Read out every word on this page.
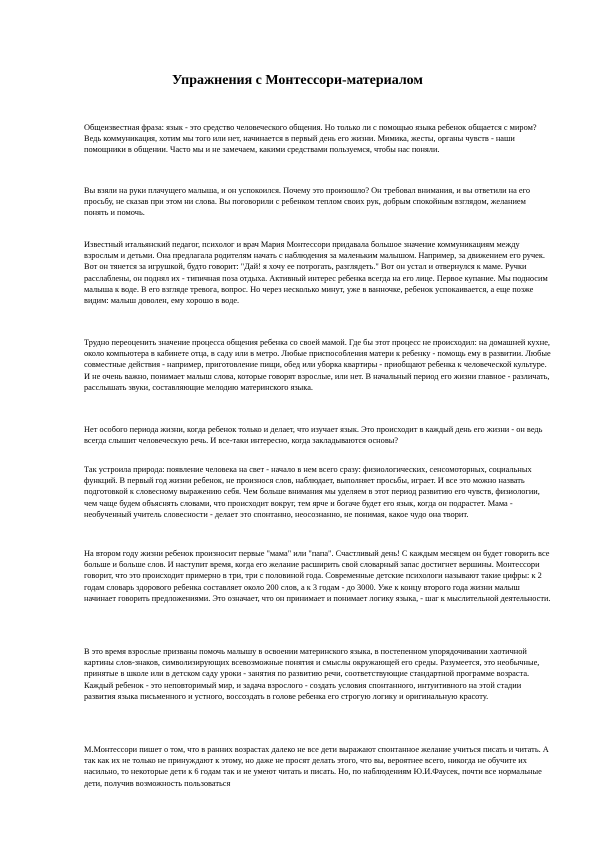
Упражнения с Монтессори-материалом

Общеизвестная фраза: язык - это средство человеческого общения. Но только ли с помощью языка ребенок общается с миром? Ведь коммуникация, хотим мы того или нет, начинается в первый день его жизни. Мимика, жесты, органы чувств - наши помощники в общении. Часто мы и не замечаем, какими средствами пользуемся, чтобы нас поняли.

Вы взяли на руки плачущего малыша, и он успокоился. Почему это произошло? Он требовал внимания, и вы ответили на его просьбу, не сказав при этом ни слова. Вы поговорили с ребенком теплом своих рук, добрым спокойным взглядом, желанием понять и помочь.

Известный итальянский педагог, психолог и врач Мария Монтессори придавала большое значение коммуникациям между взрослым и детьми. Она предлагала родителям начать с наблюдения за маленьким малышом. Например, за движением его ручек. Вот он тянется за игрушкой, будто говорит: "Дай! я хочу ее потрогать, разглядеть." Вот он устал и отвернулся к маме. Ручки расслаблены, он поднял их - типичная поза отдыха. Активный интерес ребенка всегда на его лице. Первое купание. Мы подносим малыша к воде. В его взгляде тревога, вопрос. Но через несколько минут, уже в ванночке, ребенок успокаивается, а еще позже видим: малыш доволен, ему хорошо в воде.

Трудно переоценить значение процесса общения ребенка со своей мамой. Где бы этот процесс не происходил: на домашней кухне, около компьютера в кабинете отца, в саду или в метро. Любые приспособления матери к ребенку - помощь ему в развитии. Любые совместные действия - например, приготовление пищи, обед или уборка квартиры - приобщают ребенка к человеческой культуре. И не очень важно, понимает малыш слова, которые говорят взрослые, или нет. В начальный период его жизни главное - различать, расслышать звуки, составляющие мелодию материнского языка.

Нет особого периода жизни, когда ребенок только и делает, что изучает язык. Это происходит в каждый день его жизни - он ведь всегда слышит человеческую речь. И все-таки интересно, когда закладываются основы?

Так устроила природа: появление человека на свет - начало в нем всего сразу: физиологических, сенсомоторных, социальных функций. В первый год жизни ребенок, не произнося слов, наблюдает, выполняет просьбы, играет. И все это можно назвать подготовкой к словесному выражению себя. Чем больше внимания мы уделяем в этот период развитию его чувств, физиологии, чем чаще будем объяснять словами, что происходит вокруг, тем ярче и богаче будет его язык, когда он подрастет. Мама - необученный учитель словесности - делает это спонтанно, неосознанно, не понимая, какое чудо она творит.

На втором году жизни ребенок произносит первые "мама" или "папа". Счастливый день! С каждым месяцем он будет говорить все больше и больше слов. И наступит время, когда его желание расширить свой словарный запас достигнет вершины. Монтессори говорит, что это происходит примерно в три, три с половиной года. Современные детские психологи называют такие цифры: к 2 годам словарь здорового ребенка составляет около 200 слов, а к 3 годам - до 3000. Уже к концу второго года жизни малыш начинает говорить предложениями. Это означает, что он принимает и понимает логику языка, - шаг к мыслительной деятельности.

В это время взрослые призваны помочь малышу в освоении материнского языка, в постепенном упорядочивании хаотичной картины слов-знаков, символизирующих всевозможные понятия и смыслы окружающей его среды. Разумеется, это необычные, принятые в школе или в детском саду уроки - занятия по развитию речи, соответствующие стандартной программе возраста. Каждый ребенок - это неповторимый мир, и задача взрослого - создать условия спонтанного, интуитивного на этой стадии развития языка письменного и устного, воссоздать в голове ребенка его строгую логику и оригинальную красоту.

М.Монтессори пишет о том, что в ранних возрастах далеко не все дети выражают спонтанное желание учиться писать и читать. А так как их не только не принуждают к этому, но даже не просят делать этого, что вы, вероятнее всего, никогда не обучите их насильно, то некоторые дети к 6 годам так и не умеют читать и писать. Но, по наблюдениям Ю.И.Фаусек, почти все нормальные дети, получив возможность пользоваться
